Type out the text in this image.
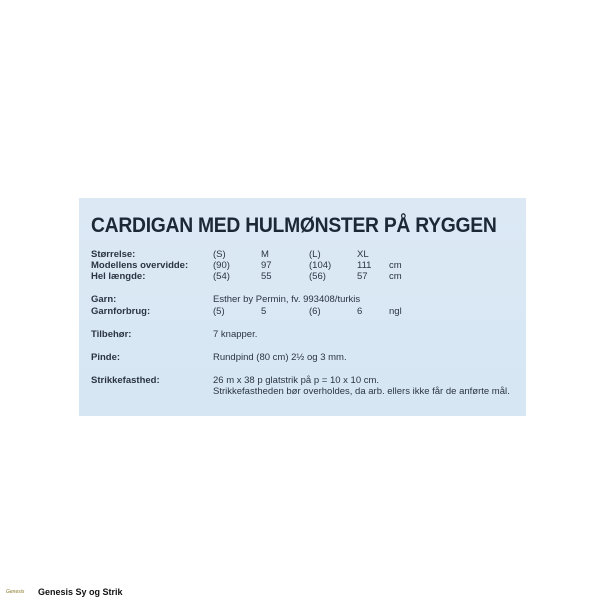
CARDIGAN MED HULMØNSTER PÅ RYGGEN
Størrelse:	(S)	M	(L)	XL
Modellens overvidde:	(90)	97	(104)	111 cm
Hel længde:	(54)	55	(56)	57 cm
Garn:	Esther by Permin, fv. 993408/turkis
Garnforbrug:	(5)	5	(6)	6	ngl
Tilbehør:	7 knapper.
Pinde:	Rundpind (80 cm) 2½ og 3 mm.
Strikkefasthed:	26 m x 38 p glatstrik på p = 10 x 10 cm.
Strikkefastheden bør overholdes, da arb. ellers ikke får de anførte mål.
Genesis	Genesis Sy og Strik
